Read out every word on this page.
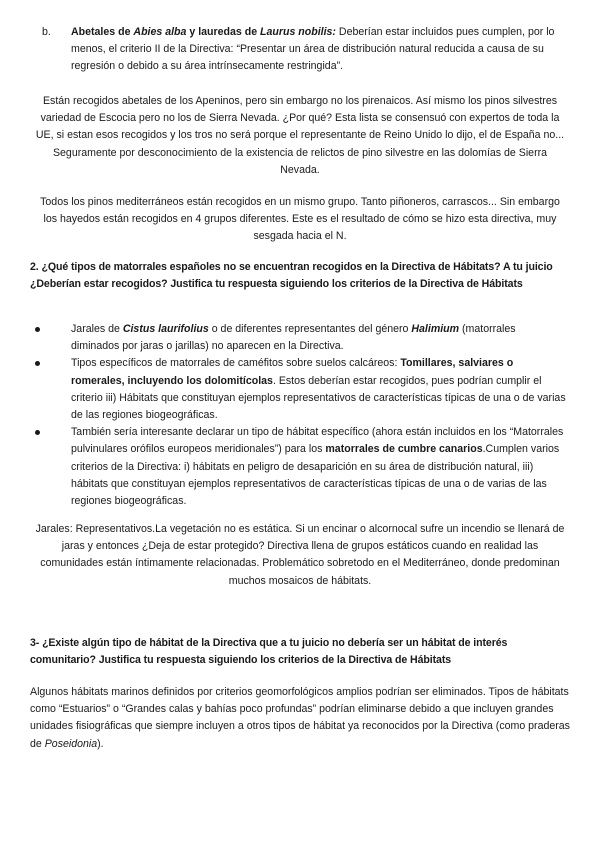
b. Abetales de Abies alba y lauredas de Laurus nobilis: Deberían estar incluidos pues cumplen, por lo menos, el criterio II de la Directiva: “Presentar un área de distribución natural reducida a causa de su regresión o debido a su área intrínsecamente restringida”.

Están recogidos abetales de los Apeninos, pero sin embargo no los pirenaicos. Así mismo los pinos silvestres variedad de Escocia pero no los de Sierra Nevada. ¿Por qué? Esta lista se consensuó con expertos de toda la UE, si estan esos recogidos y los tros no será porque el representante de Reino Unido lo dijo, el de España no... Seguramente por desconocimiento de la existencia de relictos de pino silvestre en las dolomías de Sierra Nevada.

Todos los pinos mediterráneos están recogidos en un mismo grupo. Tanto piñoneros, carrascos... Sin embargo los hayedos están recogidos en 4 grupos diferentes. Este es el resultado de cómo se hizo esta directiva, muy sesgada hacia el N.

2. ¿Qué tipos de matorrales españoles no se encuentran recogidos en la Directiva de Hábitats? A tu juicio ¿Deberían estar recogidos? Justifica tu respuesta siguiendo los criterios de la Directiva de Hábitats

Jarales de Cistus laurifolius o de diferentes representantes del género Halimium (matorrales diminados por jaras o jarillas) no aparecen en la Directiva.
Tipos específicos de matorrales de caméfitos sobre suelos calcáreos: Tomillares, salviares o romerales, incluyendo los dolomitícolas. Estos deberían estar recogidos, pues podrían cumplir el criterio iii) Hábitats que constituyan ejemplos representativos de características típicas de una o de varias de las regiones biogeográficas.
También sería interesante declarar un tipo de hábitat específico (ahora están incluidos en los “Matorrales pulvinulares orófilos europeos meridionales”) para los matorrales de cumbre canarios.Cumplen varios criterios de la Directiva: i) hábitats en peligro de desaparición en su área de distribución natural, iii) hábitats que constituyan ejemplos representativos de características típicas de una o de varias de las regiones biogeográficas.

Jarales: Representativos.La vegetación no es estática. Si un encinar o alcornocal sufre un incendio se llenará de jaras y entonces ¿Deja de estar protegido? Directiva llena de grupos estáticos cuando en realidad las comunidades están íntimamente relacionadas. Problemático sobretodo en el Mediterráneo, donde predominan muchos mosaicos de hábitats.

3- ¿Existe algún tipo de hábitat de la Directiva que a tu juicio no debería ser un hábitat de interés comunitario? Justifica tu respuesta siguiendo los criterios de la Directiva de Hábitats

Algunos hábitats marinos definidos por criterios geomorfológicos amplios podrían ser eliminados. Tipos de hábitats como “Estuarios” o “Grandes calas y bahías poco profundas” podrían eliminarse debido a que incluyen grandes unidades fisiográficas que siempre incluyen a otros tipos de hábitat ya reconocidos por la Directiva (como praderas de Poseidonia).
